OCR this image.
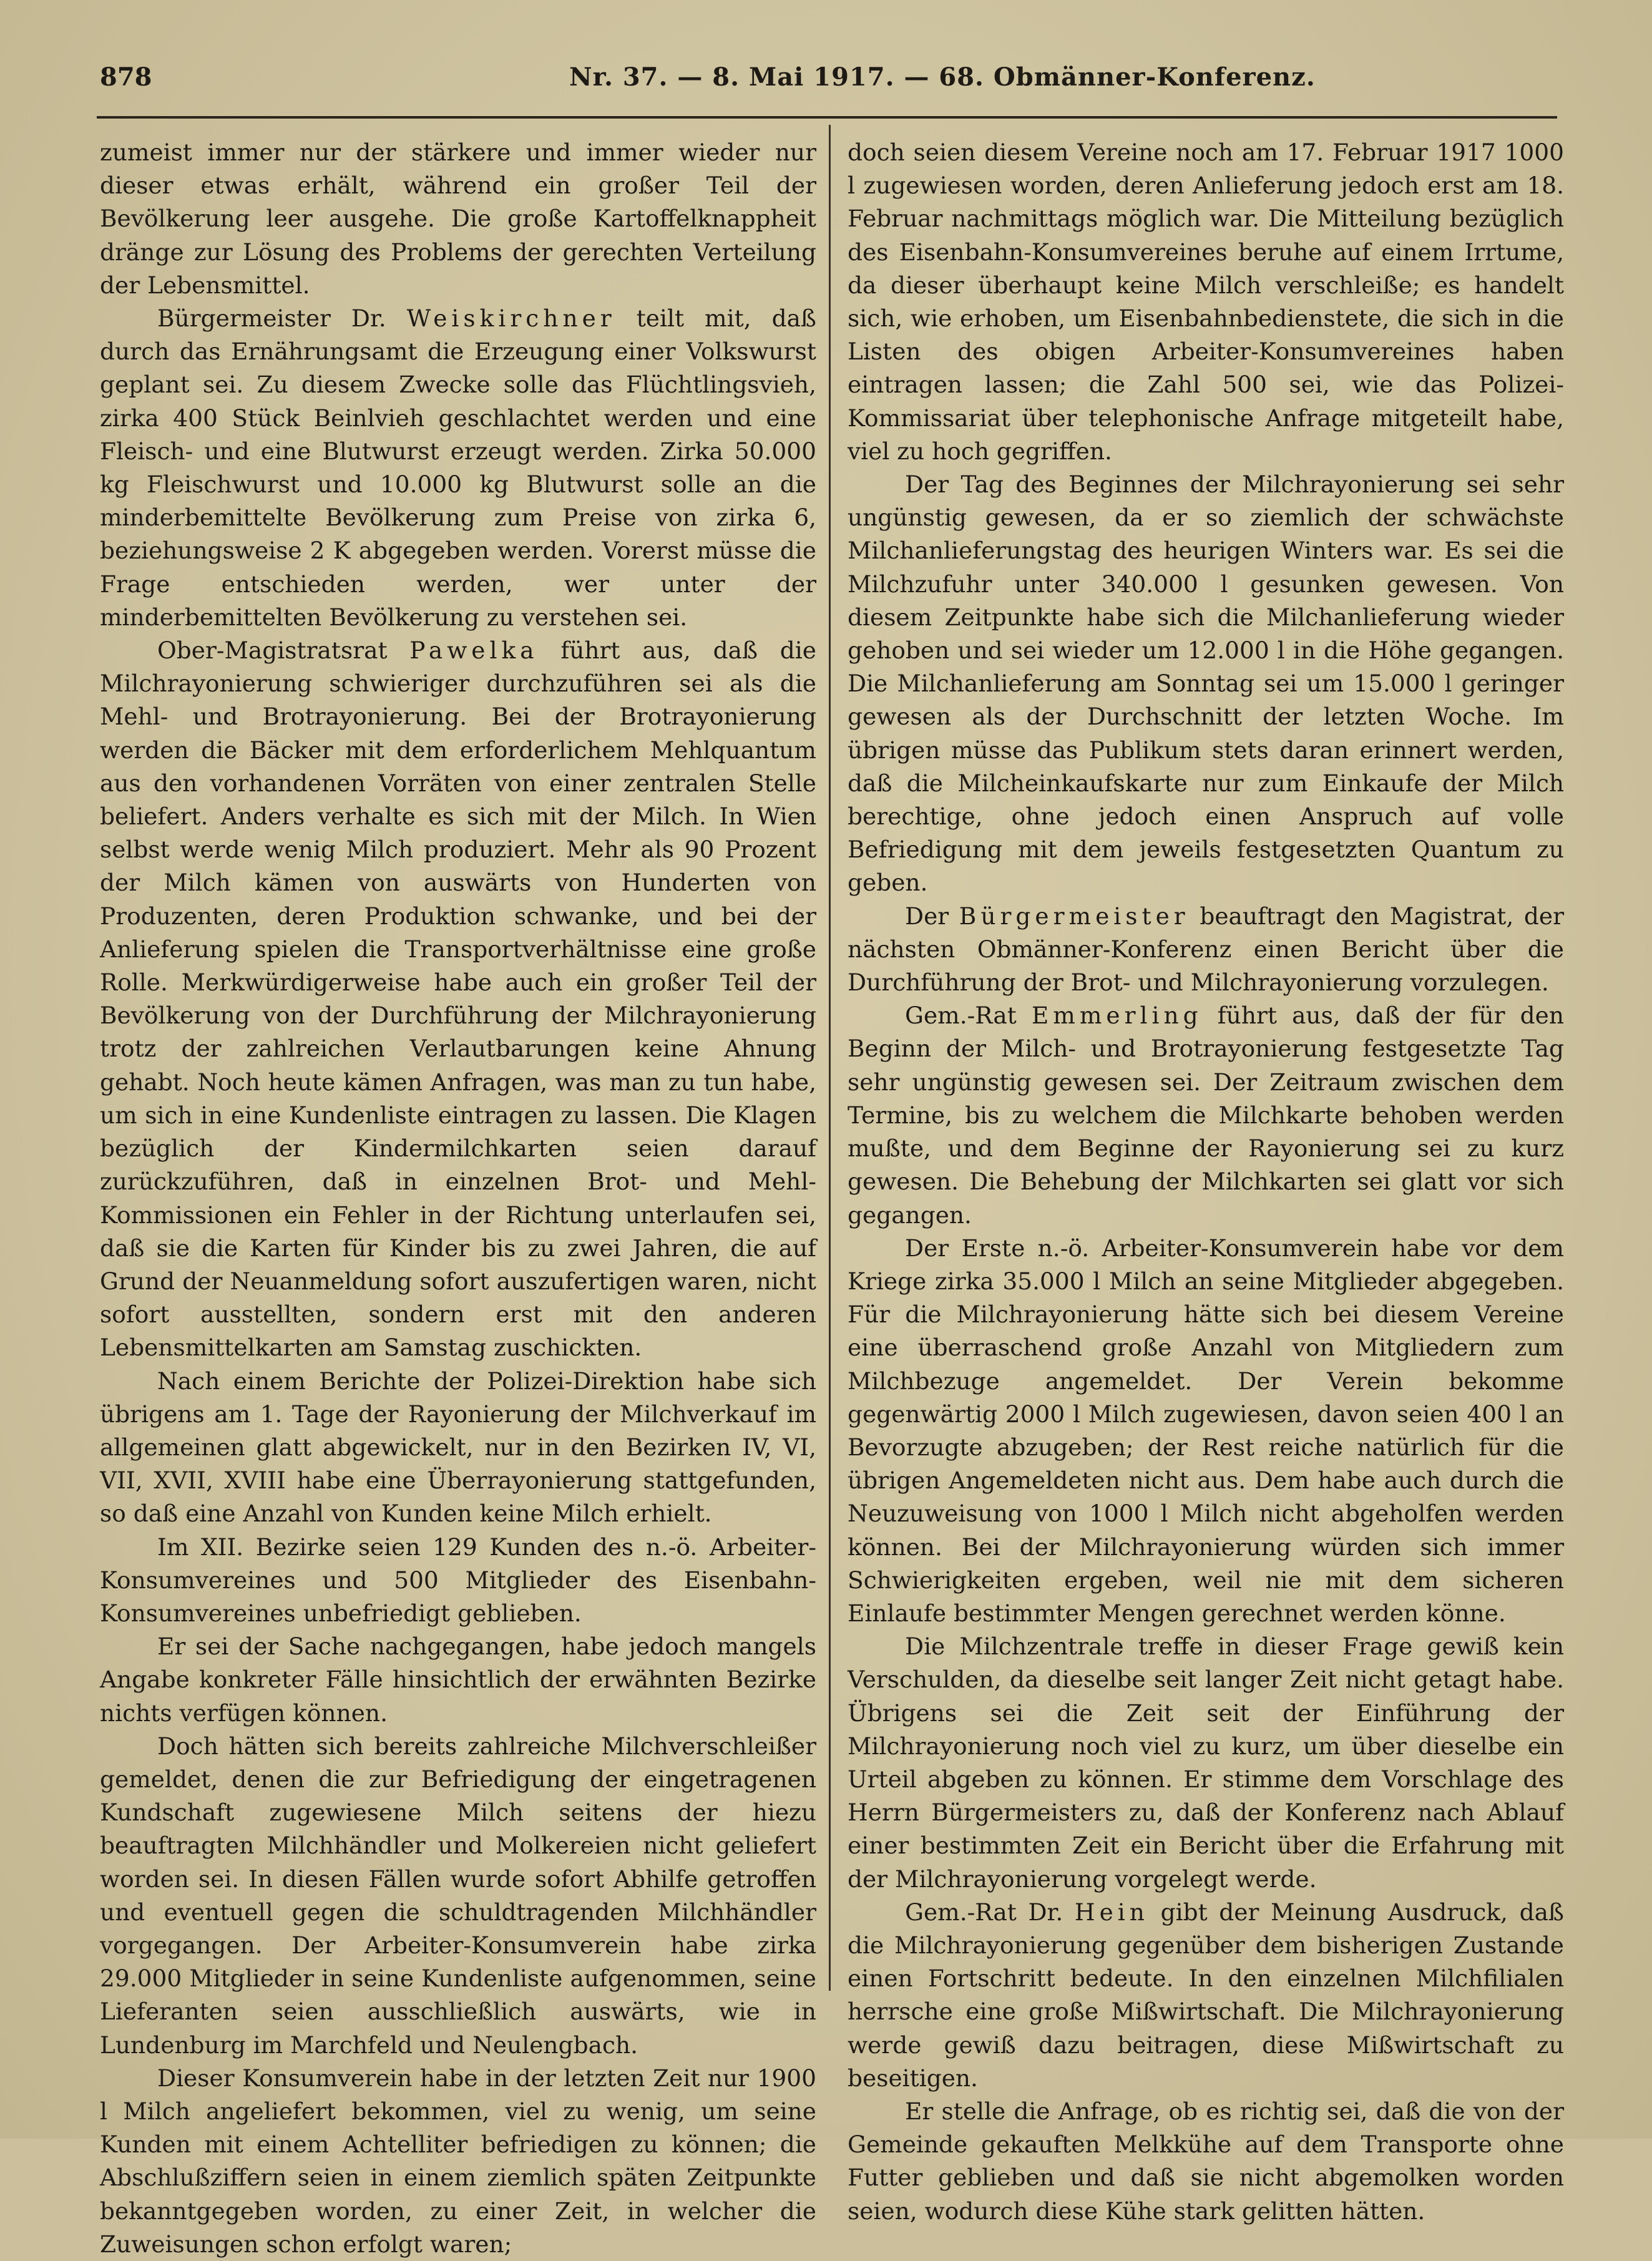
878	Nr. 37. — 8. Mai 1917. — 68. Obmänner-Konferenz.

zumeist immer nur der stärkere und immer wieder nur dieser etwas erhält, während ein großer Teil der Bevölkerung leer ausgehe. Die große Kartoffelknappheit dränge zur Lösung des Problems der gerechten Verteilung der Lebensmittel.

Bürgermeister Dr. Weiskirchner teilt mit, daß durch das Ernährungsamt die Erzeugung einer Volkswurst geplant sei. Zu diesem Zwecke solle das Flüchtlingsvieh, zirka 400 Stück Beinlvieh geschlachtet werden und eine Fleisch- und eine Blutwurst erzeugt werden. Zirka 50.000 kg Fleischwurst und 10.000 kg Blutwurst solle an die minderbemittelte Bevölkerung zum Preise von zirka 6, beziehungsweise 2 K abgegeben werden. Vorerst müsse die Frage entschieden werden, wer unter der minderbemittelten Bevölkerung zu verstehen sei.

Ober-Magistratsrat Pawelka führt aus, daß die Milchrayonierung schwieriger durchzuführen sei als die Mehl- und Brotrayonierung. Bei der Brotrayonierung werden die Bäcker mit dem erforderlichem Mehlquantum aus den vorhandenen Vorräten von einer zentralen Stelle beliefert. Anders verhalte es sich mit der Milch. In Wien selbst werde wenig Milch produziert. Mehr als 90 Prozent der Milch kämen von auswärts von Hunderten von Produzenten, deren Produktion schwanke, und bei der Anlieferung spielen die Transportverhältnisse eine große Rolle. Merkwürdigerweise habe auch ein großer Teil der Bevölkerung von der Durchführung der Milchrayonierung trotz der zahlreichen Verlautbarungen keine Ahnung gehabt. Noch heute kämen Anfragen, was man zu tun habe, um sich in eine Kundenliste eintragen zu lassen. Die Klagen bezüglich der Kindermilchkarten seien darauf zurückzuführen, daß in einzelnen Brot- und Mehl-Kommissionen ein Fehler in der Richtung unterlaufen sei, daß sie die Karten für Kinder bis zu zwei Jahren, die auf Grund der Neuanmeldung sofort auszufertigen waren, nicht sofort ausstellten, sondern erst mit den anderen Lebensmittelkarten am Samstag zuschickten.

Nach einem Berichte der Polizei-Direktion habe sich übrigens am 1. Tage der Rayonierung der Milchverkauf im allgemeinen glatt abgewickelt, nur in den Bezirken IV, VI, VII, XVII, XVIII habe eine Überrayonierung stattgefunden, so daß eine Anzahl von Kunden keine Milch erhielt.

Im XII. Bezirke seien 129 Kunden des n.-ö. Arbeiter-Konsumvereines und 500 Mitglieder des Eisenbahn-Konsumvereines unbefriedigt geblieben.

Er sei der Sache nachgegangen, habe jedoch mangels Angabe konkreter Fälle hinsichtlich der erwähnten Bezirke nichts verfügen können.

Doch hätten sich bereits zahlreiche Milchverschleißer gemeldet, denen die zur Befriedigung der eingetragenen Kundschaft zugewiesene Milch seitens der hiezu beauftragten Milchhändler und Molkereien nicht geliefert worden sei. In diesen Fällen wurde sofort Abhilfe getroffen und eventuell gegen die schuldtragenden Milchhändler vorgegangen. Der Arbeiter-Konsumverein habe zirka 29.000 Mitglieder in seine Kundenliste aufgenommen, seine Lieferanten seien ausschließlich auswärts, wie in Lundenburg im Marchfeld und Neulengbach.

Dieser Konsumverein habe in der letzten Zeit nur 1900 l Milch angeliefert bekommen, viel zu wenig, um seine Kunden mit einem Achtelliter befriedigen zu können; die Abschlußziffern seien in einem ziemlich späten Zeitpunkte bekanntgegeben worden, zu einer Zeit, in welcher die Zuweisungen schon erfolgt waren;

doch seien diesem Vereine noch am 17. Februar 1917 1000 l zugewiesen worden, deren Anlieferung jedoch erst am 18. Februar nachmittags möglich war. Die Mitteilung bezüglich des Eisenbahn-Konsumvereines beruhe auf einem Irrtume, da dieser überhaupt keine Milch verschleiße; es handelt sich, wie erhoben, um Eisenbahnbedienstete, die sich in die Listen des obigen Arbeiter-Konsumvereines haben eintragen lassen; die Zahl 500 sei, wie das Polizei-Kommissariat über telephonische Anfrage mitgeteilt habe, viel zu hoch gegriffen.

Der Tag des Beginnes der Milchrayonierung sei sehr ungünstig gewesen, da er so ziemlich der schwächste Milchanlieferungstag des heurigen Winters war. Es sei die Milchzufuhr unter 340.000 l gesunken gewesen. Von diesem Zeitpunkte habe sich die Milchanlieferung wieder gehoben und sei wieder um 12.000 l in die Höhe gegangen. Die Milchanlieferung am Sonntag sei um 15.000 l geringer gewesen als der Durchschnitt der letzten Woche. Im übrigen müsse das Publikum stets daran erinnert werden, daß die Milcheinkaufskarte nur zum Einkaufe der Milch berechtige, ohne jedoch einen Anspruch auf volle Befriedigung mit dem jeweils festgesetzten Quantum zu geben.

Der Bürgermeister beauftragt den Magistrat, der nächsten Obmänner-Konferenz einen Bericht über die Durchführung der Brot- und Milchrayonierung vorzulegen.

Gem.-Rat Emmerling führt aus, daß der für den Beginn der Milch- und Brotrayonierung festgesetzte Tag sehr ungünstig gewesen sei. Der Zeitraum zwischen dem Termine, bis zu welchem die Milchkarte behoben werden mußte, und dem Beginne der Rayonierung sei zu kurz gewesen. Die Behebung der Milchkarten sei glatt vor sich gegangen.

Der Erste n.-ö. Arbeiter-Konsumverein habe vor dem Kriege zirka 35.000 l Milch an seine Mitglieder abgegeben. Für die Milchrayonierung hätte sich bei diesem Vereine eine überraschend große Anzahl von Mitgliedern zum Milchbezuge angemeldet. Der Verein bekomme gegenwärtig 2000 l Milch zugewiesen, davon seien 400 l an Bevorzugte abzugeben; der Rest reiche natürlich für die übrigen Angemeldeten nicht aus. Dem habe auch durch die Neuzuweisung von 1000 l Milch nicht abgeholfen werden können. Bei der Milchrayonierung würden sich immer Schwierigkeiten ergeben, weil nie mit dem sicheren Einlaufe bestimmter Mengen gerechnet werden könne.

Die Milchzentrale treffe in dieser Frage gewiß kein Verschulden, da dieselbe seit langer Zeit nicht getagt habe. Übrigens sei die Zeit seit der Einführung der Milchrayonierung noch viel zu kurz, um über dieselbe ein Urteil abgeben zu können. Er stimme dem Vorschlage des Herrn Bürgermeisters zu, daß der Konferenz nach Ablauf einer bestimmten Zeit ein Bericht über die Erfahrung mit der Milchrayonierung vorgelegt werde.

Gem.-Rat Dr. Hein gibt der Meinung Ausdruck, daß die Milchrayonierung gegenüber dem bisherigen Zustande einen Fortschritt bedeute. In den einzelnen Milchfilialen herrsche eine große Mißwirtschaft. Die Milchrayonierung werde gewiß dazu beitragen, diese Mißwirtschaft zu beseitigen.

Er stelle die Anfrage, ob es richtig sei, daß die von der Gemeinde gekauften Melkkühe auf dem Transporte ohne Futter geblieben und daß sie nicht abgemolken worden seien, wodurch diese Kühe stark gelitten hätten.
